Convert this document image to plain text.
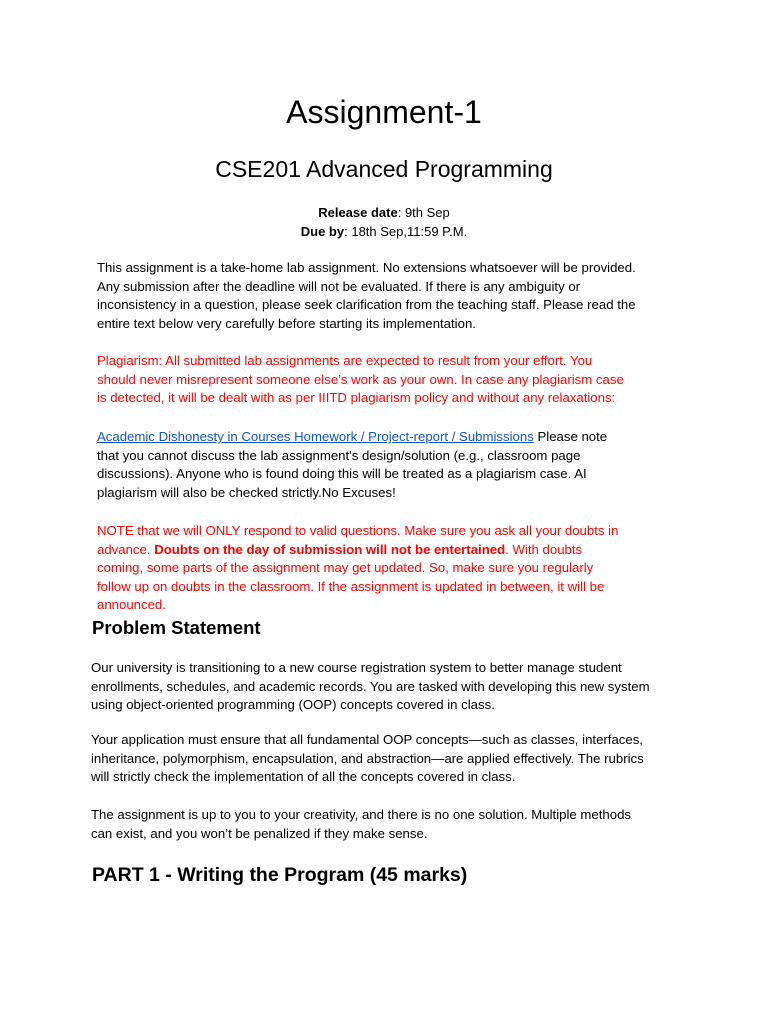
Assignment-1
CSE201 Advanced Programming
Release date: 9th Sep
Due by: 18th Sep,11:59 P.M.
This assignment is a take-home lab assignment. No extensions whatsoever will be provided.
Any submission after the deadline will not be evaluated. If there is any ambiguity or
inconsistency in a question, please seek clarification from the teaching staff. Please read the
entire text below very carefully before starting its implementation.
Plagiarism: All submitted lab assignments are expected to result from your effort. You
should never misrepresent someone else’s work as your own. In case any plagiarism case
is detected, it will be dealt with as per IIITD plagiarism policy and without any relaxations:
Academic Dishonesty in Courses Homework / Project-report / Submissions Please note
that you cannot discuss the lab assignment's design/solution (e.g., classroom page
discussions). Anyone who is found doing this will be treated as a plagiarism case. AI
plagiarism will also be checked strictly.No Excuses!
NOTE that we will ONLY respond to valid questions. Make sure you ask all your doubts in
advance. Doubts on the day of submission will not be entertained. With doubts
coming, some parts of the assignment may get updated. So, make sure you regularly
follow up on doubts in the classroom. If the assignment is updated in between, it will be
announced.
Problem Statement
Our university is transitioning to a new course registration system to better manage student
enrollments, schedules, and academic records. You are tasked with developing this new system
using object-oriented programming (OOP) concepts covered in class.
Your application must ensure that all fundamental OOP concepts—such as classes, interfaces,
inheritance, polymorphism, encapsulation, and abstraction—are applied effectively. The rubrics
will strictly check the implementation of all the concepts covered in class.
The assignment is up to you to your creativity, and there is no one solution. Multiple methods
can exist, and you won’t be penalized if they make sense.
PART 1 - Writing the Program (45 marks)
